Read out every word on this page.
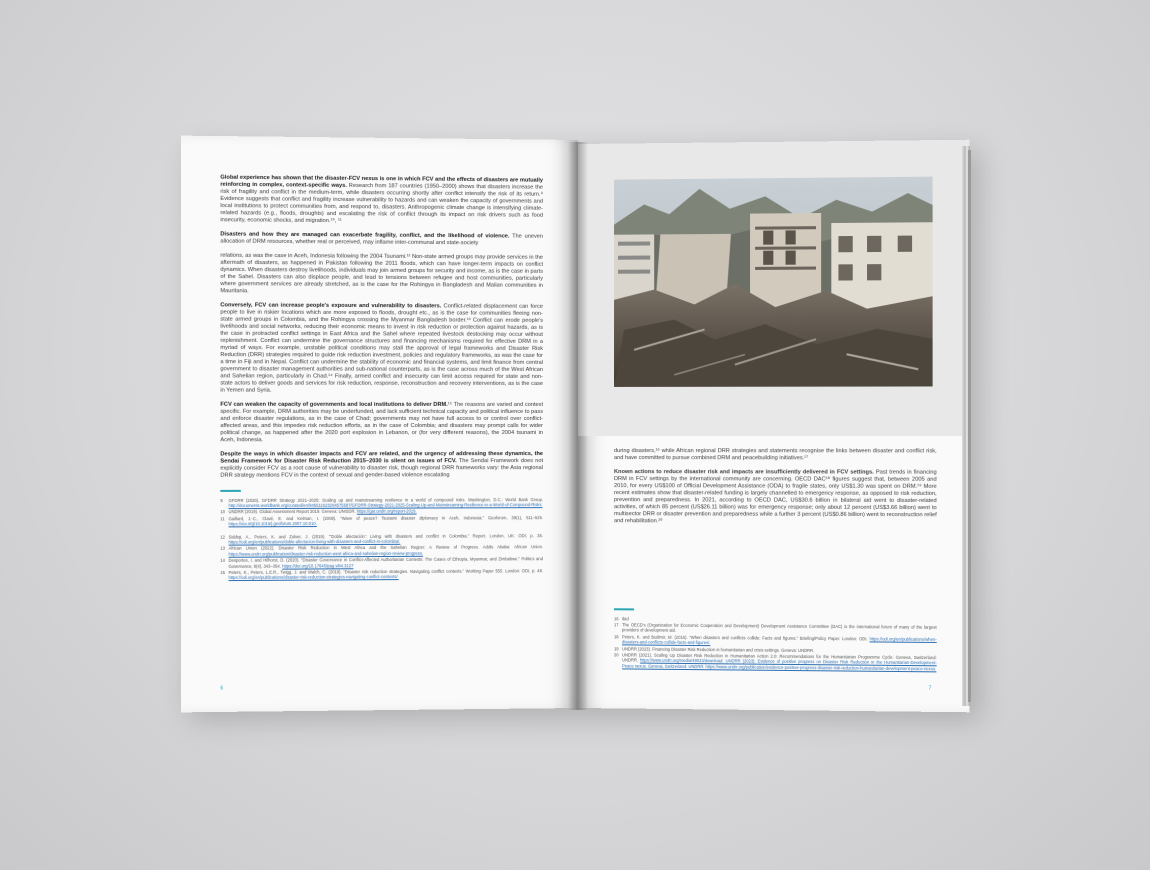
Global experience has shown that the disaster-FCV nexus is one in which FCV and the effects of disasters are mutually reinforcing in complex, context-specific ways. Research from 187 countries (1950–2000) shows that disasters increase the risk of fragility and conflict in the medium-term, while disasters occurring shortly after conflict intensify the risk of its return.⁹ Evidence suggests that conflict and fragility increase vulnerability to hazards and can weaken the capacity of governments and local institutions to protect communities from, and respond to, disasters. Anthropogenic climate change is intensifying climate-related hazards (e.g., floods, droughts) and escalating the risk of conflict through its impact on risk drivers such as food insecurity, economic shocks, and migration.¹⁰, ¹¹

Disasters and how they are managed can exacerbate fragility, conflict, and the likelihood of violence. The uneven allocation of DRM resources, whether real or perceived, may inflame inter-communal and state-society

relations, as was the case in Aceh, Indonesia following the 2004 Tsunami.¹² Non-state armed groups may provide services in the aftermath of disasters, as happened in Pakistan following the 2011 floods, which can have longer-term impacts on conflict dynamics. When disasters destroy livelihoods, individuals may join armed groups for security and income, as is the case in parts of the Sahel. Disasters can also displace people, and lead to tensions between refugee and host communities, particularly where government services are already stretched, as is the case for the Rohingya in Bangladesh and Malian communities in Mauritania.

Conversely, FCV can increase people’s exposure and vulnerability to disasters. Conflict-related displacement can force people to live in riskier locations which are more exposed to floods, drought etc., as is the case for communities fleeing non-state armed groups in Colombia, and the Rohingya crossing the Myanmar Bangladesh border.¹³ Conflict can erode people’s livelihoods and social networks, reducing their economic means to invest in risk reduction or protection against hazards, as is the case in protracted conflict settings in East Africa and the Sahel where repeated livestock destocking may occur without replenishment. Conflict can undermine the governance structures and financing mechanisms required for effective DRM in a myriad of ways. For example, unstable political conditions may stall the approval of legal frameworks and Disaster Risk Reduction (DRR) strategies required to guide risk reduction investment, policies and regulatory frameworks, as was the case for a time in Fiji and in Nepal. Conflict can undermine the stability of economic and financial systems, and limit finance from central government to disaster management authorities and sub-national counterparts, as is the case across much of the West African and Sahelian region, particularly in Chad.¹⁴ Finally, armed conflict and insecurity can limit access required for state and non-state actors to deliver goods and services for risk reduction, response, reconstruction and recovery interventions, as is the case in Yemen and Syria.

FCV can weaken the capacity of governments and local institutions to deliver DRM.¹⁵ The reasons are varied and context specific. For example, DRM authorities may be underfunded, and lack sufficient technical capacity and political influence to pass and enforce disaster regulations, as in the case of Chad; governments may not have full access to or control over conflict-affected areas, and this impedes risk reduction efforts, as in the case of Colombia; and disasters may prompt calls for wider political change, as happened after the 2020 port explosion in Lebanon, or (for very different reasons), the 2004 tsunami in Aceh, Indonesia.

Despite the ways in which disaster impacts and FCV are related, and the urgency of addressing these dynamics, the Sendai Framework for Disaster Risk Reduction 2015–2030 is silent on issues of FCV. The Sendai Framework does not explicitly consider FCV as a root cause of vulnerability to disaster risk, though regional DRR frameworks vary: the Asia regional DRR strategy mentions FCV in the context of sexual and gender-based violence escalating

9	GFDRR (2020). GFDRR Strategy 2021–2025: Scaling up and mainstreaming resilience in a world of compound risks. Washington, D.C.: World Bank Group. http://documents.worldbank.org/curated/en/945511623294575587/GFDRR-Strategy-2021-2025-Scaling-Up-and-Mainstreaming-Resilience-in-a-World-of-Compound-Risks.
10 UNDRR (2019). Global Assessment Report 2019. Geneva: UNISDR. https://gar.undrr.org/report-2019.
11 Gaillard, J.-C., Clavé, E. and Kelman, I. (2008). “Wave of peace? Tsunami disaster diplomacy in Aceh, Indonesia.” Geoforum, 39(1), 511–526. https://doi.org/10.1016/j.geoforum.2007.10.010.
12 Siddiqi, A., Peters, K. and Zulver, J. (2019). “‘Doble afectación’: Living with disasters and conflict in Colombia.” Report. London, UK: ODI, p. 36. https://odi.org/en/publications/doble-afectacion-living-with-disasters-and-conflict-in-colombia/.
13 African Union (2022). Disaster Risk Reduction in West Africa and the Sahelian Region: A Review of Progress. Addis Ababa: African Union. https://www.undrr.org/publication/disaster-risk-reduction-west-africa-and-sahelian-region-review-progress.
14 Desportes, I. and Hilhorst, D. (2020). “Disaster Governance in Conflict-Affected Authoritarian Contexts: The Cases of Ethiopia, Myanmar, and Zimbabwe.” Politics and Governance, 8(4), 343–354. https://doi.org/10.17645/pag.v8i4.3127
15 Peters, K., Peters, L.E.R., Twigg, J. and Walch, C. (2019). “Disaster risk reduction strategies. Navigating conflict contexts.” Working Paper 555. London: ODI, p. 48. https://odi.org/en/publications/disaster-risk-reduction-strategies-navigating-conflict-contexts/.
6

during disasters,¹⁶ while African regional DRR strategies and statements recognise the links between disaster and conflict risk, and have committed to pursue combined DRM and peacebuilding initiatives.¹⁷

Known actions to reduce disaster risk and impacts are insufficiently delivered in FCV settings. Past trends in financing DRM in FCV settings by the international community are concerning. OECD DAC¹⁸ figures suggest that, between 2005 and 2010, for every US$100 of Official Development Assistance (ODA) to fragile states, only US$1.30 was spent on DRM.¹⁹ More recent estimates show that disaster-related funding is largely channelled to emergency response, as opposed to risk reduction, prevention and preparedness. In 2021, according to OECD DAC, US$30.6 billion in bilateral aid went to disaster-related activities, of which 85 percent (US$26.11 billion) was for emergency response; only about 12 percent (US$3.66 billion) went to multisector DRR or disaster prevention and preparedness while a further 3 percent (US$0.86 billion) went to reconstruction relief and rehabilitation.²⁰

16 Ibid
17 The OECD’s (Organization for Economic Cooperation and Development) Development Assistance Committee (DAC) is the international forum of many of the largest providers of development aid.
18 Peters, K. and Budimir, M. (2016). “When disasters and conflicts collide: Facts and figures.” Briefing/Policy Paper. London: ODI. https://odi.org/en/publications/when-disasters-and-conflicts-collide-facts-and-figures/.
19 UNDRR (2023). Financing Disaster Risk Reduction in humanitarian and crisis settings. Geneva: UNDRR.
20 UNDRR (2021). Scaling Up Disaster Risk Reduction in Humanitarian Action 2.0: Recommendations for the Humanitarian Programme Cycle. Geneva, Switzerland: UNDRR. https://www.undrr.org/media/49023/download. UNDRR (2023). Evidence of positive progress on Disaster Risk Reduction in the Humanitarian-Development-Peace nexus. Geneva, Switzerland: UNDRR. https://www.undrr.org/publication/evidence-positive-progress-disaster-risk-reduction-humanitarian-development-peace-nexus.
7
